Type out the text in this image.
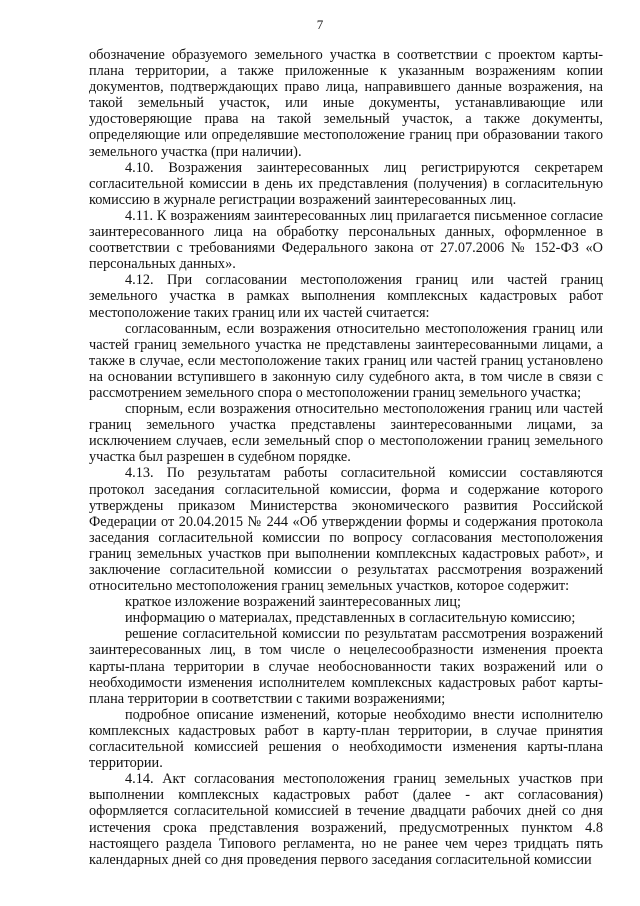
7

обозначение образуемого земельного участка в соответствии с проектом карты-плана территории, а также приложенные к указанным возражениям копии документов, подтверждающих право лица, направившего данные возражения, на такой земельный участок, или иные документы, устанавливающие или удостоверяющие права на такой земельный участок, а также документы, определяющие или определявшие местоположение границ при образовании такого земельного участка (при наличии).

4.10. Возражения заинтересованных лиц регистрируются секретарем согласительной комиссии в день их представления (получения) в согласительную комиссию в журнале регистрации возражений заинтересованных лиц.

4.11. К возражениям заинтересованных лиц прилагается письменное согласие заинтересованного лица на обработку персональных данных, оформленное в соответствии с требованиями Федерального закона от 27.07.2006 № 152-ФЗ «О персональных данных».

4.12. При согласовании местоположения границ или частей границ земельного участка в рамках выполнения комплексных кадастровых работ местоположение таких границ или их частей считается:

согласованным, если возражения относительно местоположения границ или частей границ земельного участка не представлены заинтересованными лицами, а также в случае, если местоположение таких границ или частей границ установлено на основании вступившего в законную силу судебного акта, в том числе в связи с рассмотрением земельного спора о местоположении границ земельного участка;

спорным, если возражения относительно местоположения границ или частей границ земельного участка представлены заинтересованными лицами, за исключением случаев, если земельный спор о местоположении границ земельного участка был разрешен в судебном порядке.

4.13. По результатам работы согласительной комиссии составляются протокол заседания согласительной комиссии, форма и содержание которого утверждены приказом Министерства экономического развития Российской Федерации от 20.04.2015 № 244 «Об утверждении формы и содержания протокола заседания согласительной комиссии по вопросу согласования местоположения границ земельных участков при выполнении комплексных кадастровых работ», и заключение согласительной комиссии о результатах рассмотрения возражений относительно местоположения границ земельных участков, которое содержит:

краткое изложение возражений заинтересованных лиц;

информацию о материалах, представленных в согласительную комиссию;

решение согласительной комиссии по результатам рассмотрения возражений заинтересованных лиц, в том числе о нецелесообразности изменения проекта карты-плана территории в случае необоснованности таких возражений или о необходимости изменения исполнителем комплексных кадастровых работ карты-плана территории в соответствии с такими возражениями;

подробное описание изменений, которые необходимо внести исполнителю комплексных кадастровых работ в карту-план территории, в случае принятия согласительной комиссией решения о необходимости изменения карты-плана территории.

4.14. Акт согласования местоположения границ земельных участков при выполнении комплексных кадастровых работ (далее - акт согласования) оформляется согласительной комиссией в течение двадцати рабочих дней со дня истечения срока представления возражений, предусмотренных пунктом 4.8 настоящего раздела Типового регламента, но не ранее чем через тридцать пять календарных дней со дня проведения первого заседания согласительной комиссии
